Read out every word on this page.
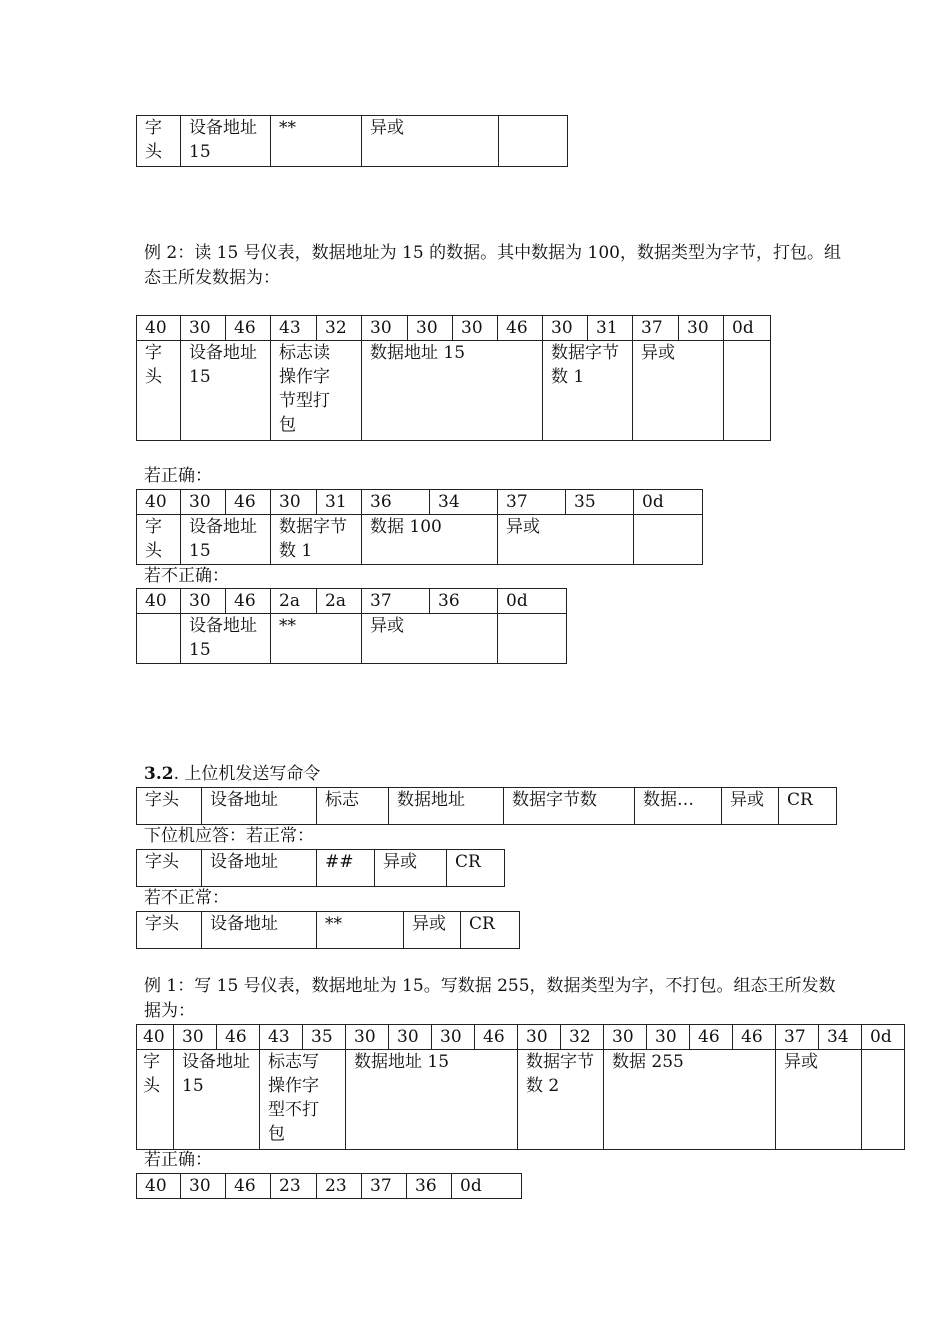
字头	设备地址 15	**	异或	
例 2：读 15 号仪表，数据地址为 15 的数据。其中数据为 100，数据类型为字节，打包。组
态王所发数据为：
40	30	46	43	32	30	30	30	46	30	31	37	30	0d
字头	设备地址 15		标志读操作字节型打包		数据地址 15				数据字节数 1		异或		
若正确：
40	30	46	30	31	36	34	37	35	0d
字头	设备地址 15		数据字节数 1		数据 100		异或		
若不正确：
40	30	46	2a	2a	37	36	0d
	设备地址 15		**		异或		
3.2. 上位机发送写命令
字头	设备地址	标志	数据地址	数据字节数	数据…	异或	CR
下位机应答：若正常：
字头	设备地址	##	异或	CR
若不正常：
字头	设备地址	**	异或	CR
例 1：写 15 号仪表，数据地址为 15。写数据 255，数据类型为字，不打包。组态王所发数
据为：
40	30	46	43	35	30	30	30	46	30	32	30	30	46	46	37	34	0d
字头	设备地址 15		标志写操作字型不打包		数据地址 15				数据字节数 2		数据 255				异或		
若正确：
40	30	46	23	23	37	36	0d
